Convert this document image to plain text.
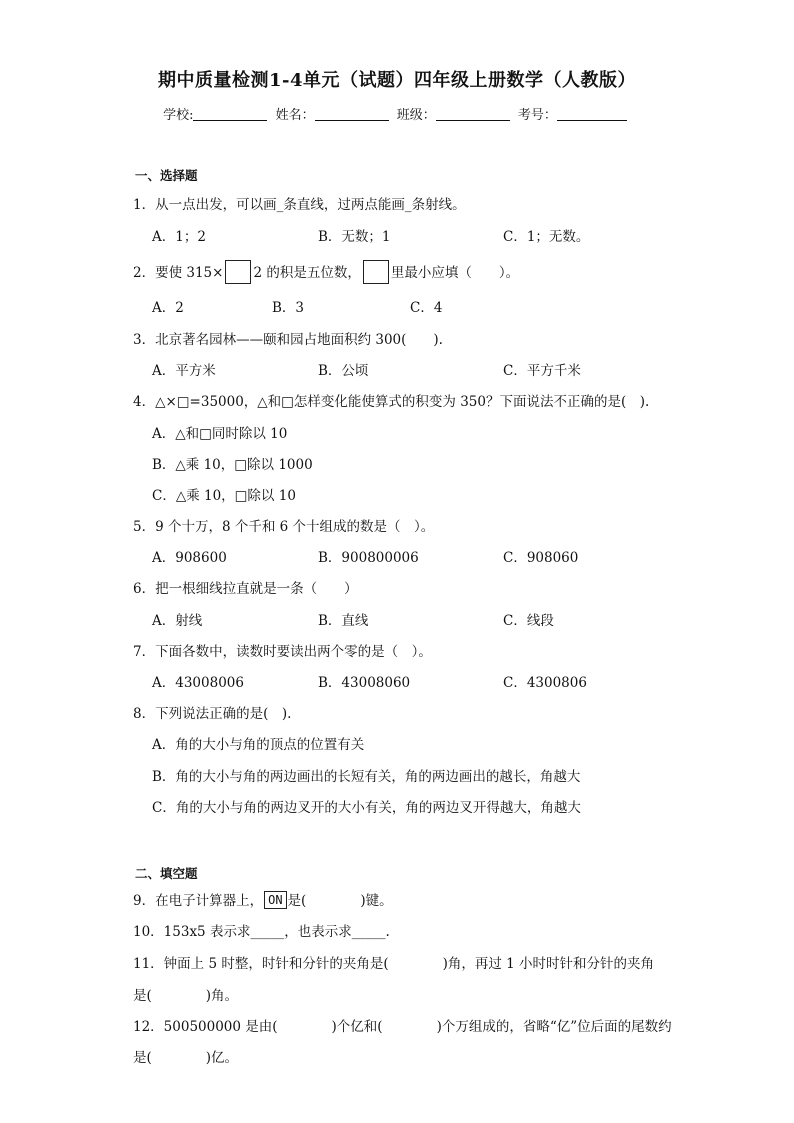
期中质量检测1-4单元（试题）四年级上册数学（人教版）
学校:	姓名：	班级：	考号：
一、选择题
1．从一点出发，可以画_条直线，过两点能画_条射线。
A．1；2	B．无数；1	C．1；无数。
2．要使 315× 2 的积是五位数， 里最小应填（　　）。
A．2	B．3	C．4
3．北京著名园林——颐和园占地面积约 300(　　).
A．平方米	B．公顷	C．平方千米
4．△×□=35000，△和□怎样变化能使算式的积变为 350？下面说法不正确的是(　).
A．△和□同时除以 10
B．△乘 10，□除以 1000
C．△乘 10，□除以 10
5．9 个十万，8 个千和 6 个十组成的数是（　）。
A．908600	B．900800006	C．908060
6．把一根细线拉直就是一条（　　）
A．射线	B．直线	C．线段
7．下面各数中，读数时要读出两个零的是（　）。
A．43008006	B．43008060	C．4300806
8．下列说法正确的是(　).
A．角的大小与角的顶点的位置有关
B．角的大小与角的两边画出的长短有关，角的两边画出的越长，角越大
C．角的大小与角的两边叉开的大小有关，角的两边叉开得越大，角越大
二、填空题
9．在电子计算器上， ON 是(　　　　)键。
10．153x5 表示求_____，也表示求_____.
11．钟面上 5 时整，时针和分针的夹角是(　　　　)角，再过 1 小时时针和分针的夹角
是(　　　　)角。
12．500500000 是由(　　　　)个亿和(　　　　)个万组成的，省略“亿”位后面的尾数约
是(　　　　)亿。
